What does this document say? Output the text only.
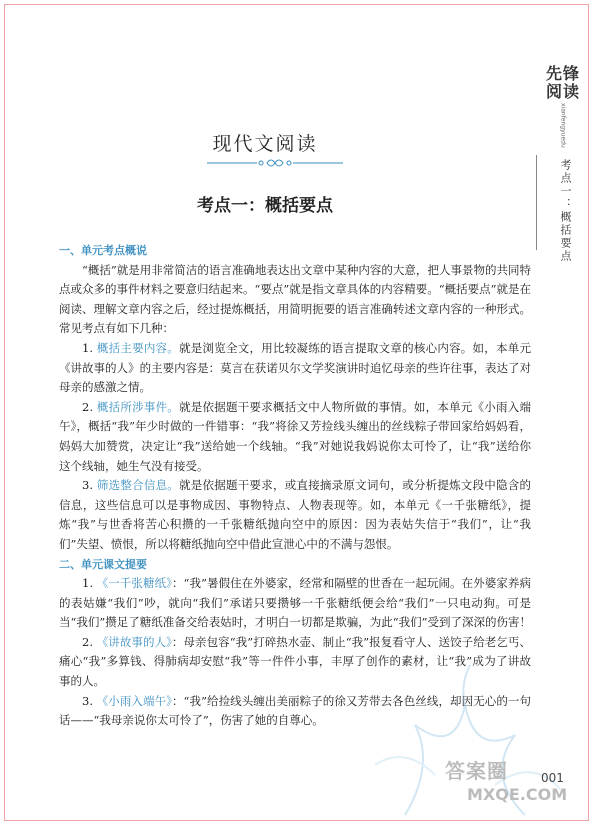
先锋阅读
xianfengyuedu
考点一：概括要点
现代文阅读
考点一：概括要点

一、单元考点概说

“概括”就是用非常简洁的语言准确地表达出文章中某种内容的大意，把人事景物的共同特点或众多的事件材料之要意归结起来。“要点”就是指文章具体的内容精要。“概括要点”就是在阅读、理解文章内容之后，经过提炼概括，用简明扼要的语言准确转述文章内容的一种形式。常见考点有如下几种：

1. 概括主要内容。就是浏览全文，用比较凝练的语言提取文章的核心内容。如，本单元《讲故事的人》的主要内容是：莫言在获诺贝尔文学奖演讲时追忆母亲的些许往事，表达了对母亲的感激之情。

2. 概括所涉事件。就是依据题干要求概括文中人物所做的事情。如，本单元《小雨入端午》，概括“我”年少时做的一件错事：“我”将徐又芳捡线头缠出的丝线粽子带回家给妈妈看，妈妈大加赞赏，决定让“我”送给她一个线轴。“我”对她说我妈说你太可怜了，让“我”送给你这个线轴，她生气没有接受。

3. 筛选整合信息。就是依据题干要求，或直接摘录原文词句，或分析提炼文段中隐含的信息，这些信息可以是事物成因、事物特点、人物表现等。如，本单元《一千张糖纸》，提炼“我”与世香将苦心积攒的一千张糖纸抛向空中的原因：因为表姑失信于“我们”，让“我们”失望、愤恨，所以将糖纸抛向空中借此宣泄心中的不满与怨恨。

二、单元课文提要

1. 《一千张糖纸》：“我”暑假住在外婆家，经常和隔壁的世香在一起玩闹。在外婆家养病的表姑嫌“我们”吵，就向“我们”承诺只要攒够一千张糖纸便会给“我们”一只电动狗。可是当“我们”攒足了糖纸准备交给表姑时，才明白一切都是欺骗，为此“我们”受到了深深的伤害！

2. 《讲故事的人》：母亲包容“我”打碎热水壶、制止“我”报复看守人、送饺子给老乞丐、痛心“我”多算钱、得肺病却安慰“我”等一件件小事，丰厚了创作的素材，让“我”成为了讲故事的人。

3. 《小雨入端午》：“我”给捡线头缠出美丽粽子的徐又芳带去各色丝线，却因无心的一句话——“我母亲说你太可怜了”，伤害了她的自尊心。

答案圈
MXQE.COM
001
